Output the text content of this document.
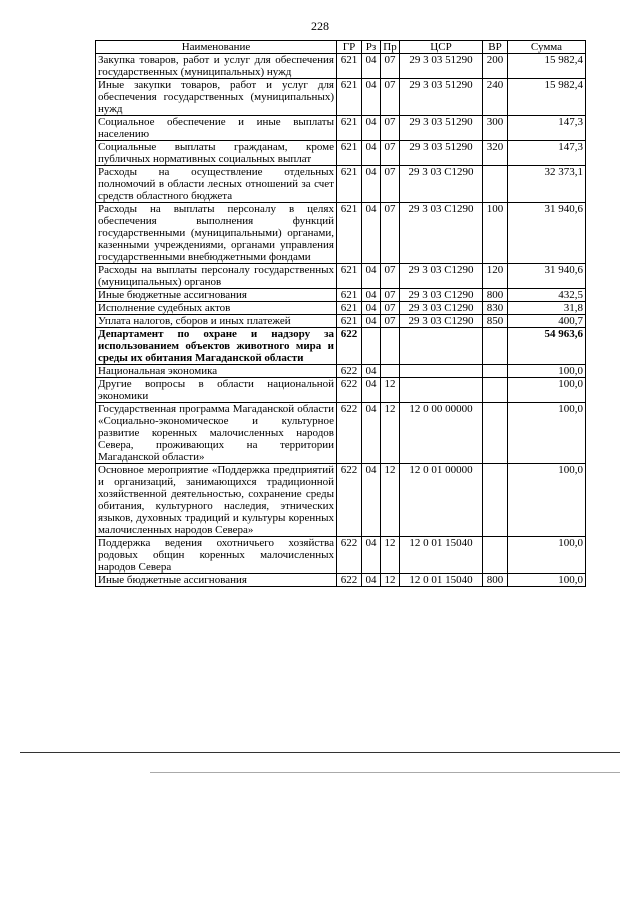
228
Наименование	ГР	Рз	Пр	ЦСР	ВР	Сумма
Закупка товаров, работ и услуг для обеспечения государственных (муниципальных) нужд	621	04	07	29 3 03 51290	200	15 982,4
Иные закупки товаров, работ и услуг для обеспечения государственных (муниципальных) нужд	621	04	07	29 3 03 51290	240	15 982,4
Социальное обеспечение и иные выплаты населению	621	04	07	29 3 03 51290	300	147,3
Социальные выплаты гражданам, кроме публичных нормативных социальных выплат	621	04	07	29 3 03 51290	320	147,3
Расходы на осуществление отдельных полномочий в области лесных отношений за счет средств областного бюджета	621	04	07	29 3 03 С1290		32 373,1
Расходы на выплаты персоналу в целях обеспечения выполнения функций государственными (муниципальными) органами, казенными учреждениями, органами управления государственными внебюджетными фондами	621	04	07	29 3 03 С1290	100	31 940,6
Расходы на выплаты персоналу государственных (муниципальных) органов	621	04	07	29 3 03 С1290	120	31 940,6
Иные бюджетные ассигнования	621	04	07	29 3 03 С1290	800	432,5
Исполнение судебных актов	621	04	07	29 3 03 С1290	830	31,8
Уплата налогов, сборов и иных платежей	621	04	07	29 3 03 С1290	850	400,7
Департамент по охране и надзору за использованием объектов животного мира и среды их обитания Магаданской области	622					54 963,6
Национальная экономика	622	04				100,0
Другие вопросы в области национальной экономики	622	04	12			100,0
Государственная программа Магаданской области «Социально-экономическое и культурное развитие коренных малочисленных народов Севера, проживающих на территории Магаданской области»	622	04	12	12 0 00 00000		100,0
Основное мероприятие «Поддержка предприятий и организаций, занимающихся традиционной хозяйственной деятельностью, сохранение среды обитания, культурного наследия, этнических языков, духовных традиций и культуры коренных малочисленных народов Севера»	622	04	12	12 0 01 00000		100,0
Поддержка ведения охотничьего хозяйства родовых общин коренных малочисленных народов Севера	622	04	12	12 0 01 15040		100,0
Иные бюджетные ассигнования	622	04	12	12 0 01 15040	800	100,0
